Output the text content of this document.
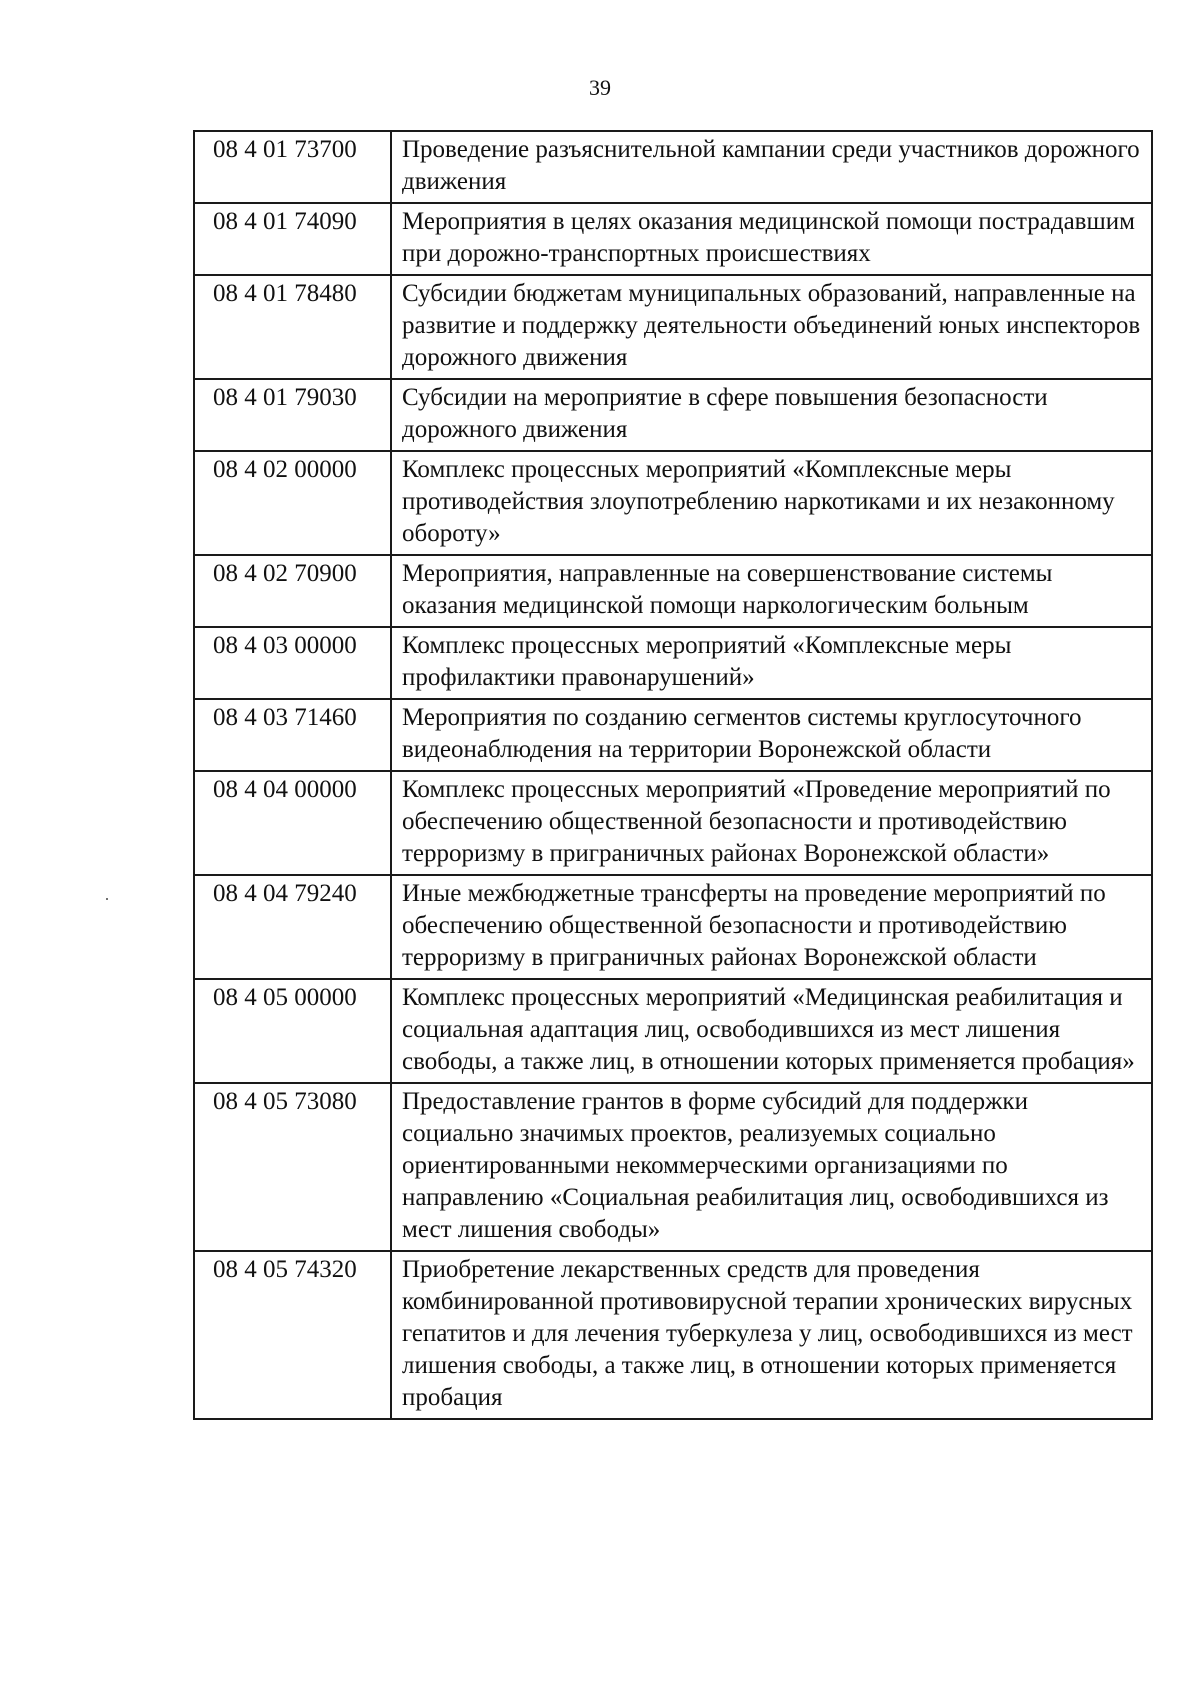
39
08 4 01 73700	Проведение разъяснительной кампании среди участников дорожного движения
08 4 01 74090	Мероприятия в целях оказания медицинской помощи пострадавшим при дорожно-транспортных происшествиях
08 4 01 78480	Субсидии бюджетам муниципальных образований, направленные на развитие и поддержку деятельности объединений юных инспекторов дорожного движения
08 4 01 79030	Субсидии на мероприятие в сфере повышения безопасности дорожного движения
08 4 02 00000	Комплекс процессных мероприятий «Комплексные меры противодействия злоупотреблению наркотиками и их незаконному обороту»
08 4 02 70900	Мероприятия, направленные на совершенствование системы оказания медицинской помощи наркологическим больным
08 4 03 00000	Комплекс процессных мероприятий «Комплексные меры профилактики правонарушений»
08 4 03 71460	Мероприятия по созданию сегментов системы круглосуточного видеонаблюдения на территории Воронежской области
08 4 04 00000	Комплекс процессных мероприятий «Проведение мероприятий по обеспечению общественной безопасности и противодействию терроризму в приграничных районах Воронежской области»
08 4 04 79240	Иные межбюджетные трансферты на проведение мероприятий по обеспечению общественной безопасности и противодействию терроризму в приграничных районах Воронежской области
08 4 05 00000	Комплекс процессных мероприятий «Медицинская реабилитация и социальная адаптация лиц, освободившихся из мест лишения свободы, а также лиц, в отношении которых применяется пробация»
08 4 05 73080	Предоставление грантов в форме субсидий для поддержки социально значимых проектов, реализуемых социально ориентированными некоммерческими организациями по направлению «Социальная реабилитация лиц, освободившихся из мест лишения свободы»
08 4 05 74320	Приобретение лекарственных средств для проведения комбинированной противовирусной терапии хронических вирусных гепатитов и для лечения туберкулеза у лиц, освободившихся из мест лишения свободы, а также лиц, в отношении которых применяется пробация
